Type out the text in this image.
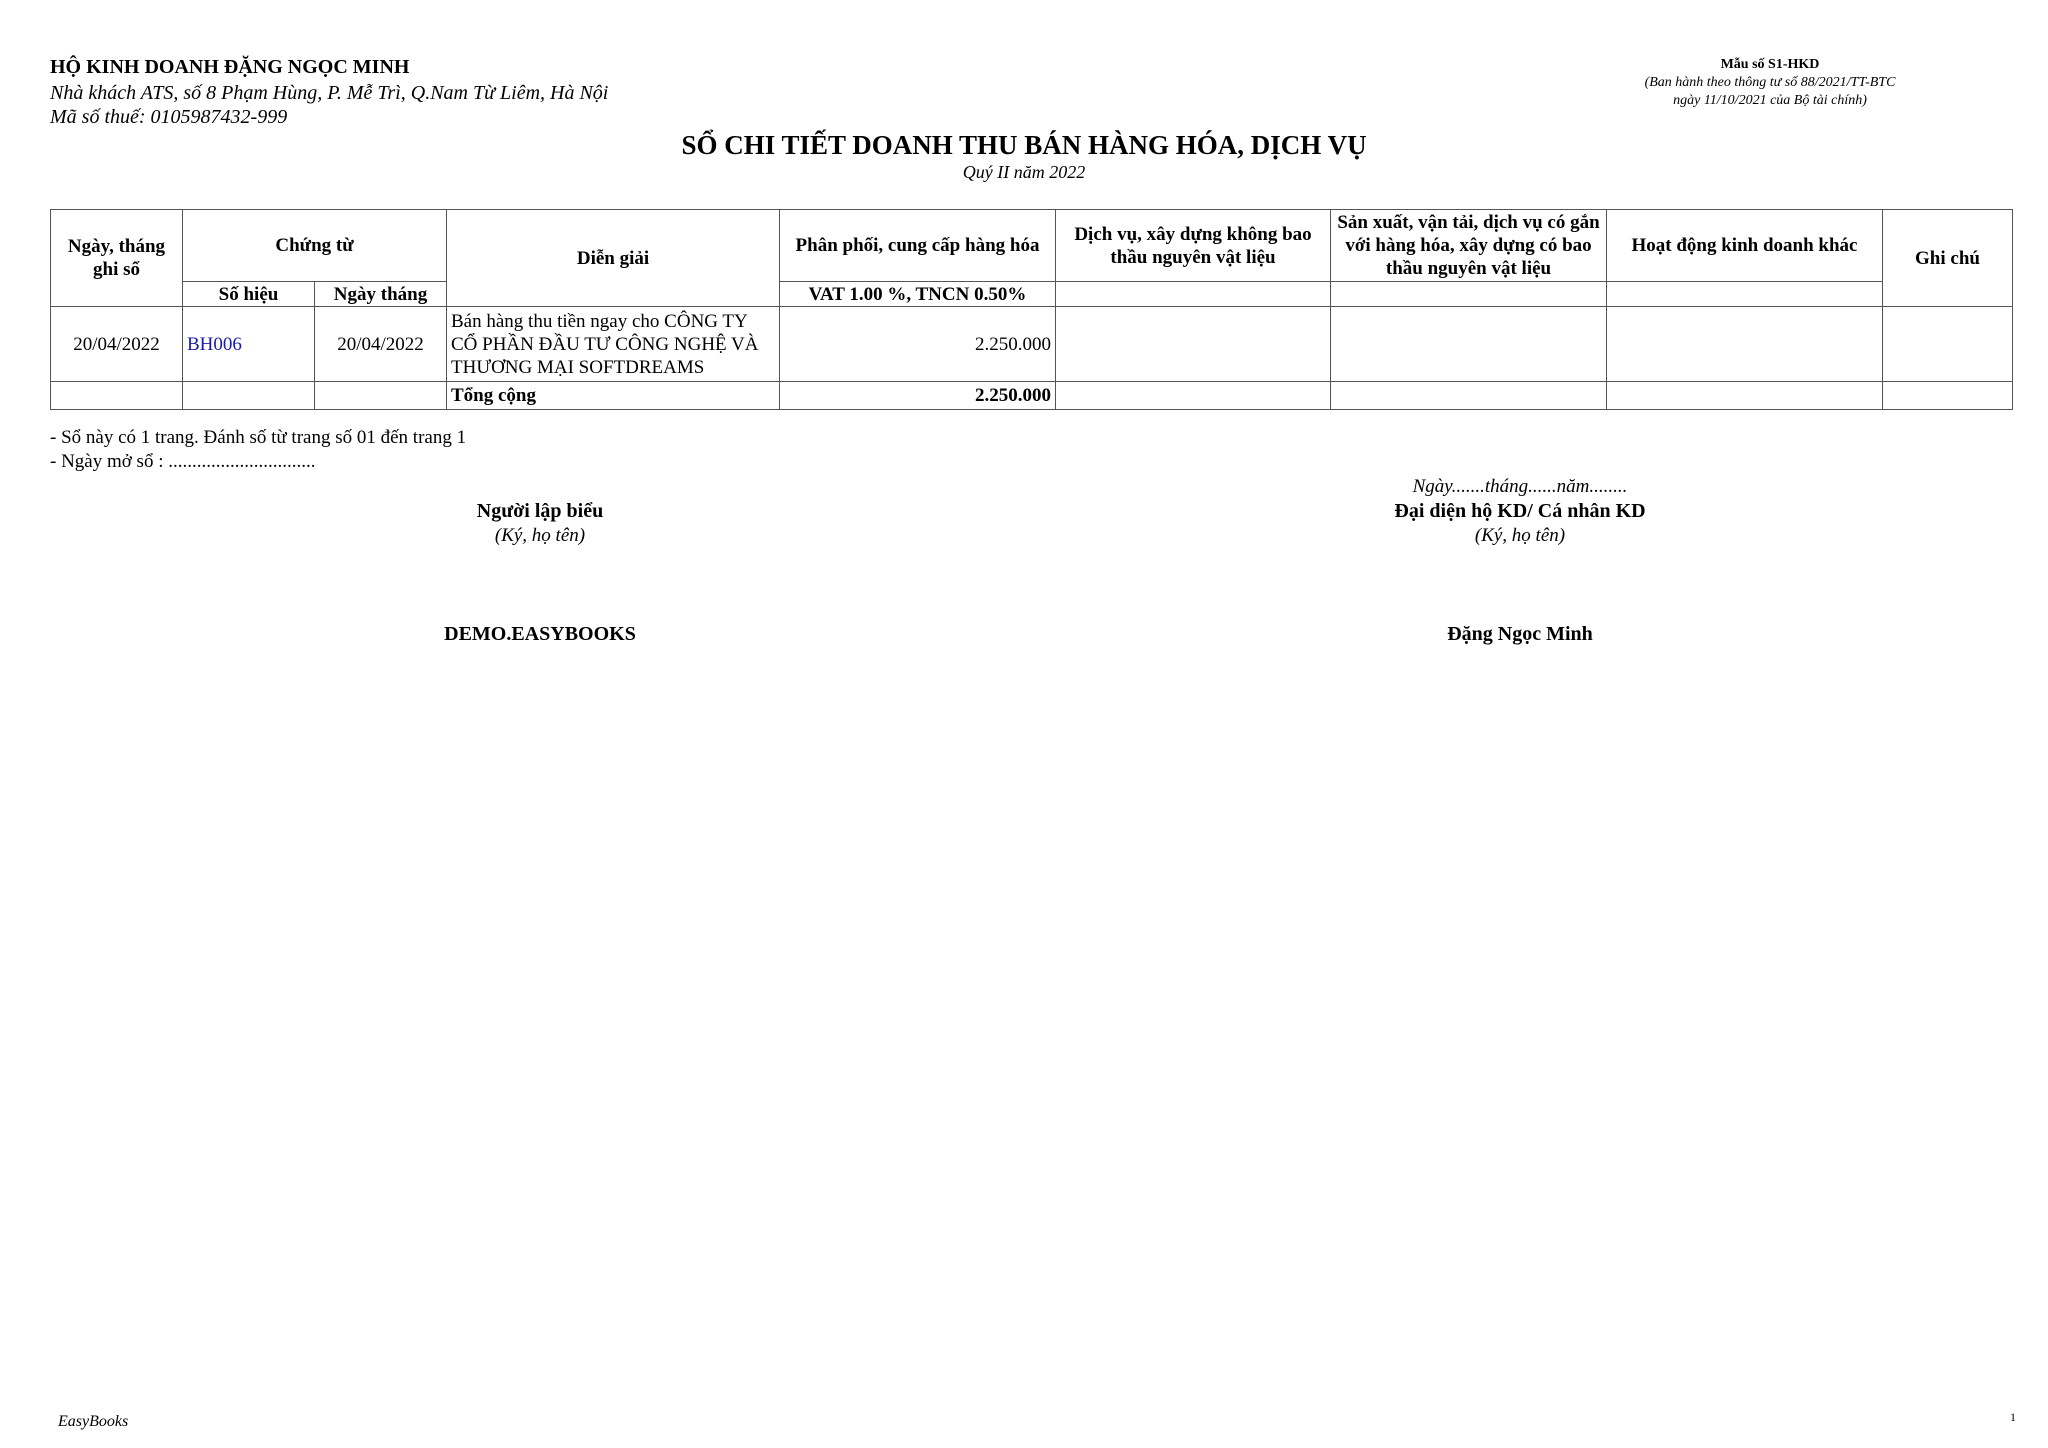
HỘ KINH DOANH ĐẶNG NGỌC MINH
Nhà khách ATS, số 8 Phạm Hùng, P. Mễ Trì, Q.Nam Từ Liêm, Hà Nội
Mã số thuế: 0105987432-999
Mẫu số S1-HKD
(Ban hành theo thông tư số 88/2021/TT-BTC
ngày 11/10/2021 của Bộ tài chính)
SỔ CHI TIẾT DOANH THU BÁN HÀNG HÓA, DỊCH VỤ
Quý II năm 2022
Ngày, tháng ghi sổ	Chứng từ		Diễn giải	Phân phối, cung cấp hàng hóa	Dịch vụ, xây dựng không bao thầu nguyên vật liệu	Sản xuất, vận tải, dịch vụ có gắn với hàng hóa, xây dựng có bao thầu nguyên vật liệu	Hoạt động kinh doanh khác	Ghi chú
	Số hiệu	Ngày tháng		VAT 1.00 %, TNCN 0.50%				
20/04/2022	BH006	20/04/2022	Bán hàng thu tiền ngay cho CÔNG TY CỔ PHẦN ĐẦU TƯ CÔNG NGHỆ VÀ THƯƠNG MẠI SOFTDREAMS	2.250.000				
			Tổng cộng	2.250.000				
- Sổ này có 1 trang. Đánh số từ trang số 01 đến trang 1
- Ngày mở sổ : ...............................
Ngày.......tháng......năm........
Người lập biểu
(Ký, họ tên)
Đại diện hộ KD/ Cá nhân KD
(Ký, họ tên)
DEMO.EASYBOOKS	Đặng Ngọc Minh
EasyBooks	1
